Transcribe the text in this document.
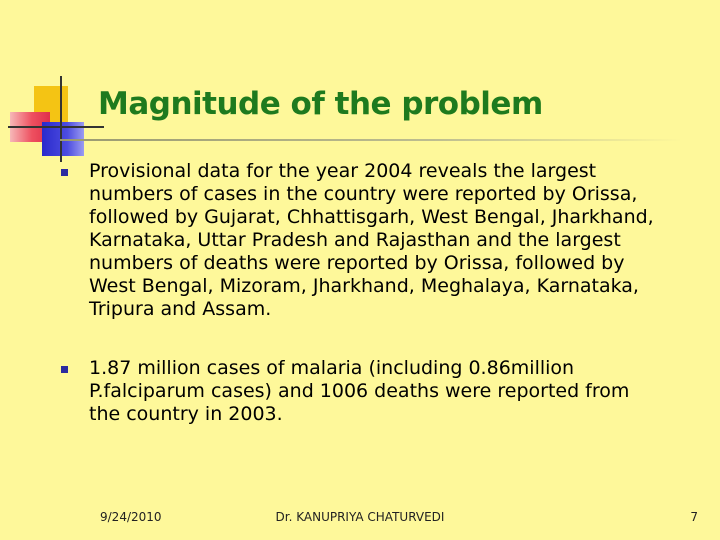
Magnitude of the problem
Provisional data for the year 2004 reveals the largest numbers of cases in the country were reported by Orissa, followed by Gujarat, Chhattisgarh, West Bengal, Jharkhand, Karnataka, Uttar Pradesh and Rajasthan and the largest numbers of deaths were reported by Orissa, followed by West Bengal, Mizoram, Jharkhand, Meghalaya, Karnataka, Tripura and Assam.
1.87 million cases of malaria (including 0.86million P.falciparum cases) and 1006 deaths were reported from the country in 2003.
9/24/2010	Dr. KANUPRIYA CHATURVEDI	7
